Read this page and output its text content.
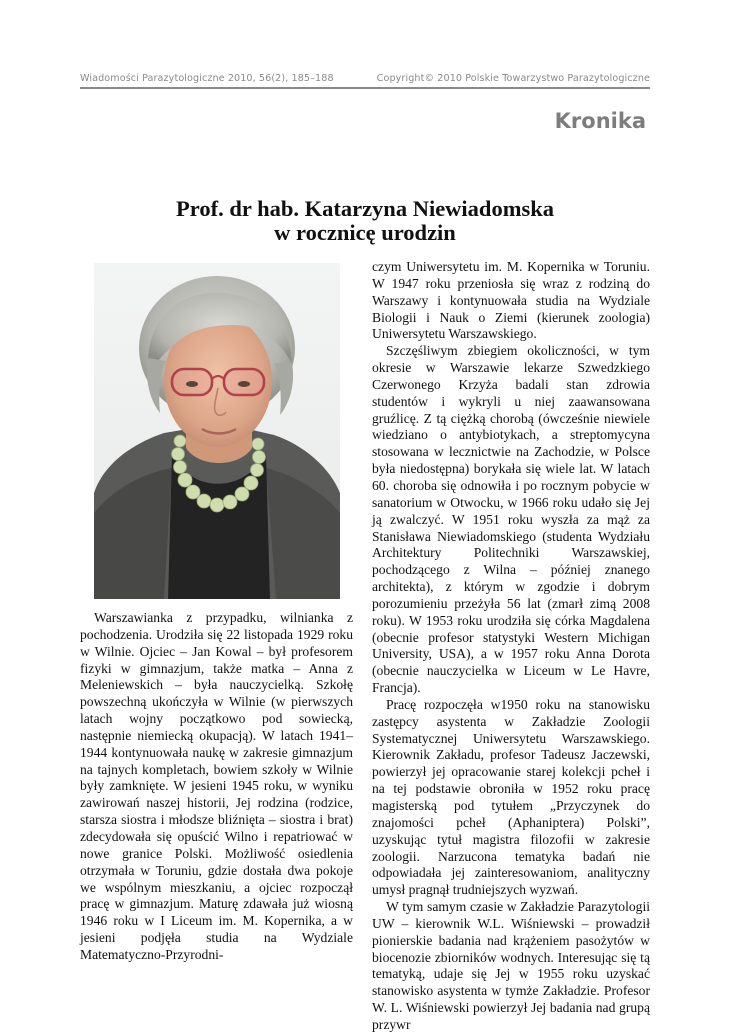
Wiadomości Parazytologiczne 2010, 56(2), 185–188	Copyright© 2010 Polskie Towarzystwo Parazytologiczne
Kronika
Prof. dr hab. Katarzyna Niewiadomska
w rocznicę urodzin

Warszawianka z przypadku, wilnianka z pochodzenia. Urodziła się 22 listopada 1929 roku w Wilnie. Ojciec – Jan Kowal – był profesorem fizyki w gimnazjum, także matka – Anna z Meleniewskich – była nauczycielką. Szkołę powszechną ukończyła w Wilnie (w pierwszych latach wojny początkowo pod sowiecką, następnie niemiecką okupacją). W latach 1941–1944 kontynuowała naukę w zakresie gimnazjum na tajnych kompletach, bowiem szkoły w Wilnie były zamknięte. W jesieni 1945 roku, w wyniku zawirowań naszej historii, Jej rodzina (rodzice, starsza siostra i młodsze bliźnięta – siostra i brat) zdecydowała się opuścić Wilno i repatriować w nowe granice Polski. Możliwość osiedlenia otrzymała w Toruniu, gdzie dostała dwa pokoje we wspólnym mieszkaniu, a ojciec rozpoczął pracę w gimnazjum. Maturę zdawała już wiosną 1946 roku w I Liceum im. M. Kopernika, a w jesieni podjęła studia na Wydziale Matematyczno-Przyrodni-

czym Uniwersytetu im. M. Kopernika w Toruniu. W 1947 roku przeniosła się wraz z rodziną do Warszawy i kontynuowała studia na Wydziale Biologii i Nauk o Ziemi (kierunek zoologia) Uniwersytetu Warszawskiego.

Szczęśliwym zbiegiem okoliczności, w tym okresie w Warszawie lekarze Szwedzkiego Czerwonego Krzyża badali stan zdrowia studentów i wykryli u niej zaawansowana gruźlicę. Z tą ciężką chorobą (ówcześnie niewiele wiedziano o antybiotykach, a streptomycyna stosowana w lecznictwie na Zachodzie, w Polsce była niedostępna) borykała się wiele lat. W latach 60. choroba się odnowiła i po rocznym pobycie w sanatorium w Otwocku, w 1966 roku udało się Jej ją zwalczyć. W 1951 roku wyszła za mąż za Stanisława Niewiadomskiego (studenta Wydziału Architektury Politechniki Warszawskiej, pochodzącego z Wilna – później znanego architekta), z którym w zgodzie i dobrym porozumieniu przeżyła 56 lat (zmarł zimą 2008 roku). W 1953 roku urodziła się córka Magdalena (obecnie profesor statystyki Western Michigan University, USA), a w 1957 roku Anna Dorota (obecnie nauczycielka w Liceum w Le Havre, Francja).

Pracę rozpoczęła w1950 roku na stanowisku zastępcy asystenta w Zakładzie Zoologii Systematycznej Uniwersytetu Warszawskiego. Kierownik Zakładu, profesor Tadeusz Jaczewski, powierzył jej opracowanie starej kolekcji pcheł i na tej podstawie obroniła w 1952 roku pracę magisterską pod tytułem „Przyczynek do znajomości pcheł (Aphaniptera) Polski”, uzyskując tytuł magistra filozofii w zakresie zoologii. Narzucona tematyka badań nie odpowiadała jej zainteresowaniom, analityczny umysł pragnął trudniejszych wyzwań.

W tym samym czasie w Zakładzie Parazytologii UW – kierownik W.L. Wiśniewski – prowadził pionierskie badania nad krążeniem pasożytów w biocenozie zbiorników wodnych. Interesując się tą tematyką, udaje się Jej w 1955 roku uzyskać stanowisko asystenta w tymże Zakładzie. Profesor W. L. Wiśniewski powierzył Jej badania nad grupą przywr
